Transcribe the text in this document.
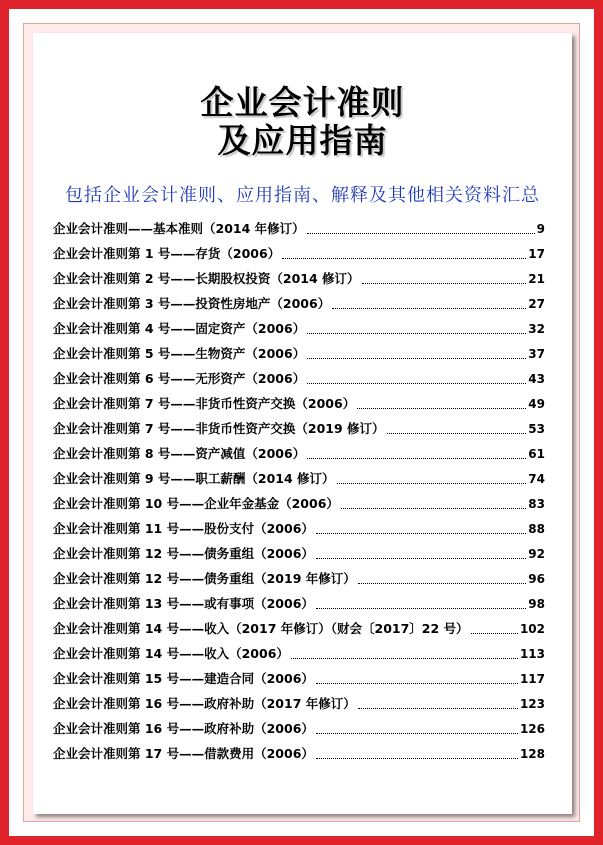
企业会计准则
及应用指南
包括企业会计准则、应用指南、解释及其他相关资料汇总
企业会计准则——基本准则（2014 年修订）	9
企业会计准则第 1 号——存货（2006）	17
企业会计准则第 2 号——长期股权投资（2014 修订）	21
企业会计准则第 3 号——投资性房地产（2006）	27
企业会计准则第 4 号——固定资产（2006）	32
企业会计准则第 5 号——生物资产（2006）	37
企业会计准则第 6 号——无形资产（2006）	43
企业会计准则第 7 号——非货币性资产交换（2006）	49
企业会计准则第 7 号——非货币性资产交换（2019 修订）	53
企业会计准则第 8 号——资产减值（2006）	61
企业会计准则第 9 号——职工薪酬（2014 修订）	74
企业会计准则第 10 号——企业年金基金（2006）	83
企业会计准则第 11 号——股份支付（2006）	88
企业会计准则第 12 号——债务重组（2006）	92
企业会计准则第 12 号——债务重组（2019 年修订）	96
企业会计准则第 13 号——或有事项（2006）	98
企业会计准则第 14 号——收入（2017 年修订）（财会〔2017〕22 号）	102
企业会计准则第 14 号——收入（2006）	113
企业会计准则第 15 号——建造合同（2006）	117
企业会计准则第 16 号——政府补助（2017 年修订）	123
企业会计准则第 16 号——政府补助（2006）	126
企业会计准则第 17 号——借款费用（2006）	128
